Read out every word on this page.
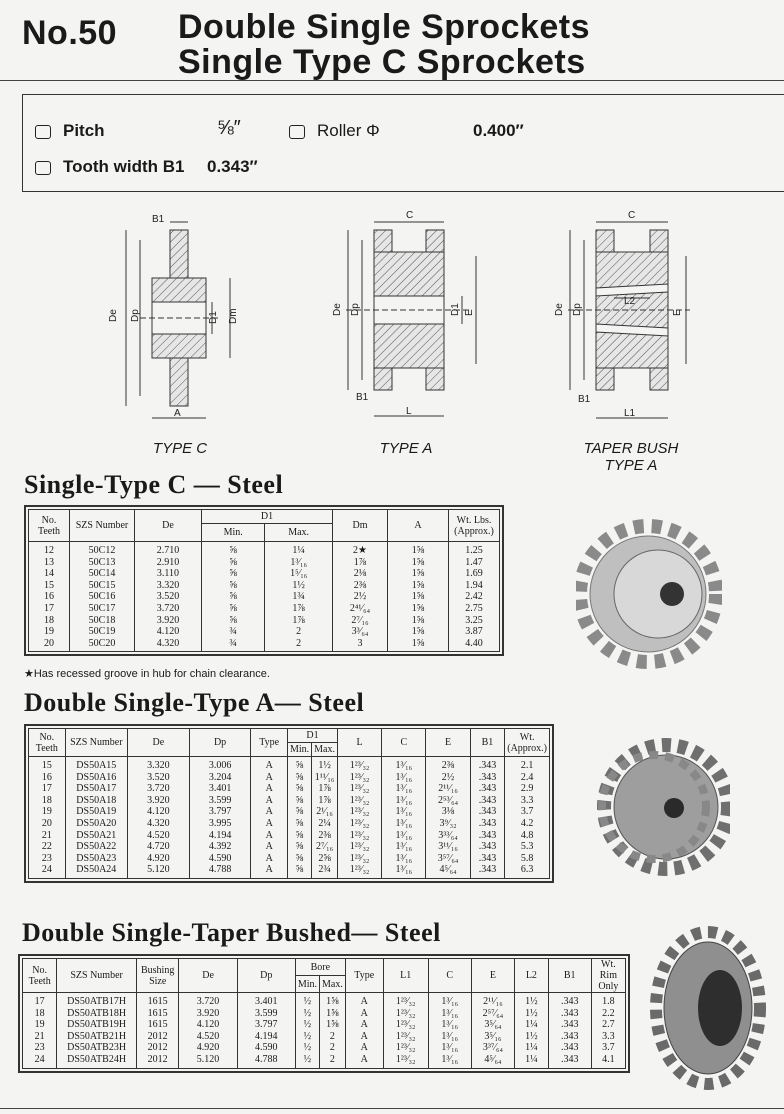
No.50 Double Single Sprockets
Single Type C Sprockets
Pitch	⅝″	Roller Φ	0.400″
Tooth width B1 0.343″
B1
De Dp	D1 Dm
A
C
De Dp	D1 E
B1
L
C
De Dp	E
L2
B1
L1
TYPE C	TYPE A	TAPER BUSH
TYPE A
Single-Type C — Steel
No. Teeth	SZS Number	De	D1		Dm	A	Wt. Lbs. (Approx.)
			Min.	Max.			
12	50C12	2.710	⅝	1¼	2★	1⅝	1.25
13	50C13	2.910	⅝	1³⁄₁₆	1⅞	1⅝	1.47
14	50C14	3.110	⅝	1⁵⁄₁₆	2⅛	1⅝	1.69
15	50C15	3.320	⅝	1½	2⅜	1⅝	1.94
16	50C16	3.520	⅝	1¾	2½	1⅝	2.42
17	50C17	3.720	⅝	1⅞	2⁴¹⁄₆₄	1⅝	2.75
18	50C18	3.920	⅝	1⅞	2⁷⁄₁₆	1⅝	3.25
19	50C19	4.120	¾	2	3³⁄₆₄	1⅝	3.87
20	50C20	4.320	¾	2	3	1⅝	4.40
★Has recessed groove in hub for chain clearance.
Double Single-Type A— Steel
No. Teeth	SZS Number	De	Dp	Type	D1		L	C	E	B1	Wt. (Approx.)
					Min.	Max.					
15	DS50A15	3.320	3.006	A	⅝	1½	1²³⁄₃₂	1³⁄₁₆	2⅜	.343	2.1
16	DS50A16	3.520	3.204	A	⅝	1¹¹⁄₁₆	1²³⁄₃₂	1³⁄₁₆	2½	.343	2.4
17	DS50A17	3.720	3.401	A	⅝	1⅞	1²³⁄₃₂	1³⁄₁₆	2¹¹⁄₁₆	.343	2.9
18	DS50A18	3.920	3.599	A	⅝	1⅞	1²³⁄₃₂	1³⁄₁₆	2⁵³⁄₆₄	.343	3.3
19	DS50A19	4.120	3.797	A	⅝	2¹⁄₁₆	1²³⁄₃₂	1³⁄₁₆	3⅛	.343	3.7
20	DS50A20	4.320	3.995	A	⅝	2¼	1²³⁄₃₂	1³⁄₁₆	3⁹⁄₃₂	.343	4.2
21	DS50A21	4.520	4.194	A	⅝	2⅜	1²³⁄₃₂	1³⁄₁₆	3³³⁄₆₄	.343	4.8
22	DS50A22	4.720	4.392	A	⅝	2⁷⁄₁₆	1²³⁄₃₂	1³⁄₁₆	3¹¹⁄₁₆	.343	5.3
23	DS50A23	4.920	4.590	A	⅝	2⅝	1²³⁄₃₂	1³⁄₁₆	3⁵⁷⁄₆₄	.343	5.8
24	DS50A24	5.120	4.788	A	⅝	2¾	1²³⁄₃₂	1³⁄₁₆	4⁵⁄₆₄	.343	6.3
Double Single-Taper Bushed— Steel
No. Teeth	SZS Number	Bushing Size	De	Dp	Bore		Type	L1	C	E	L2	B1	Wt. Rim Only
					Min.	Max.							
17	DS50ATB17H	1615	3.720	3.401	½	1⅝	A	1²³⁄₃₂	1³⁄₁₆	2¹¹⁄₁₆	1½	.343	1.8
18	DS50ATB18H	1615	3.920	3.599	½	1⅝	A	1²³⁄₃₂	1³⁄₁₆	2⁵⁷⁄₆₄	1½	.343	2.2
19	DS50ATB19H	1615	4.120	3.797	½	1⅝	A	1²³⁄₃₂	1³⁄₁₆	3⁵⁄₆₄	1¼	.343	2.7
21	DS50ATB21H	2012	4.520	4.194	½	2	A	1²³⁄₃₂	1³⁄₁₆	3⁵⁄₁₆	1½	.343	3.3
23	DS50ATB23H	2012	4.920	4.590	½	2	A	1²³⁄₃₂	1³⁄₁₆	3³⁷⁄₆₄	1¼	.343	3.7
24	DS50ATB24H	2012	5.120	4.788	½	2	A	1²³⁄₃₂	1³⁄₁₆	4⁵⁄₆₄	1¼	.343	4.1
